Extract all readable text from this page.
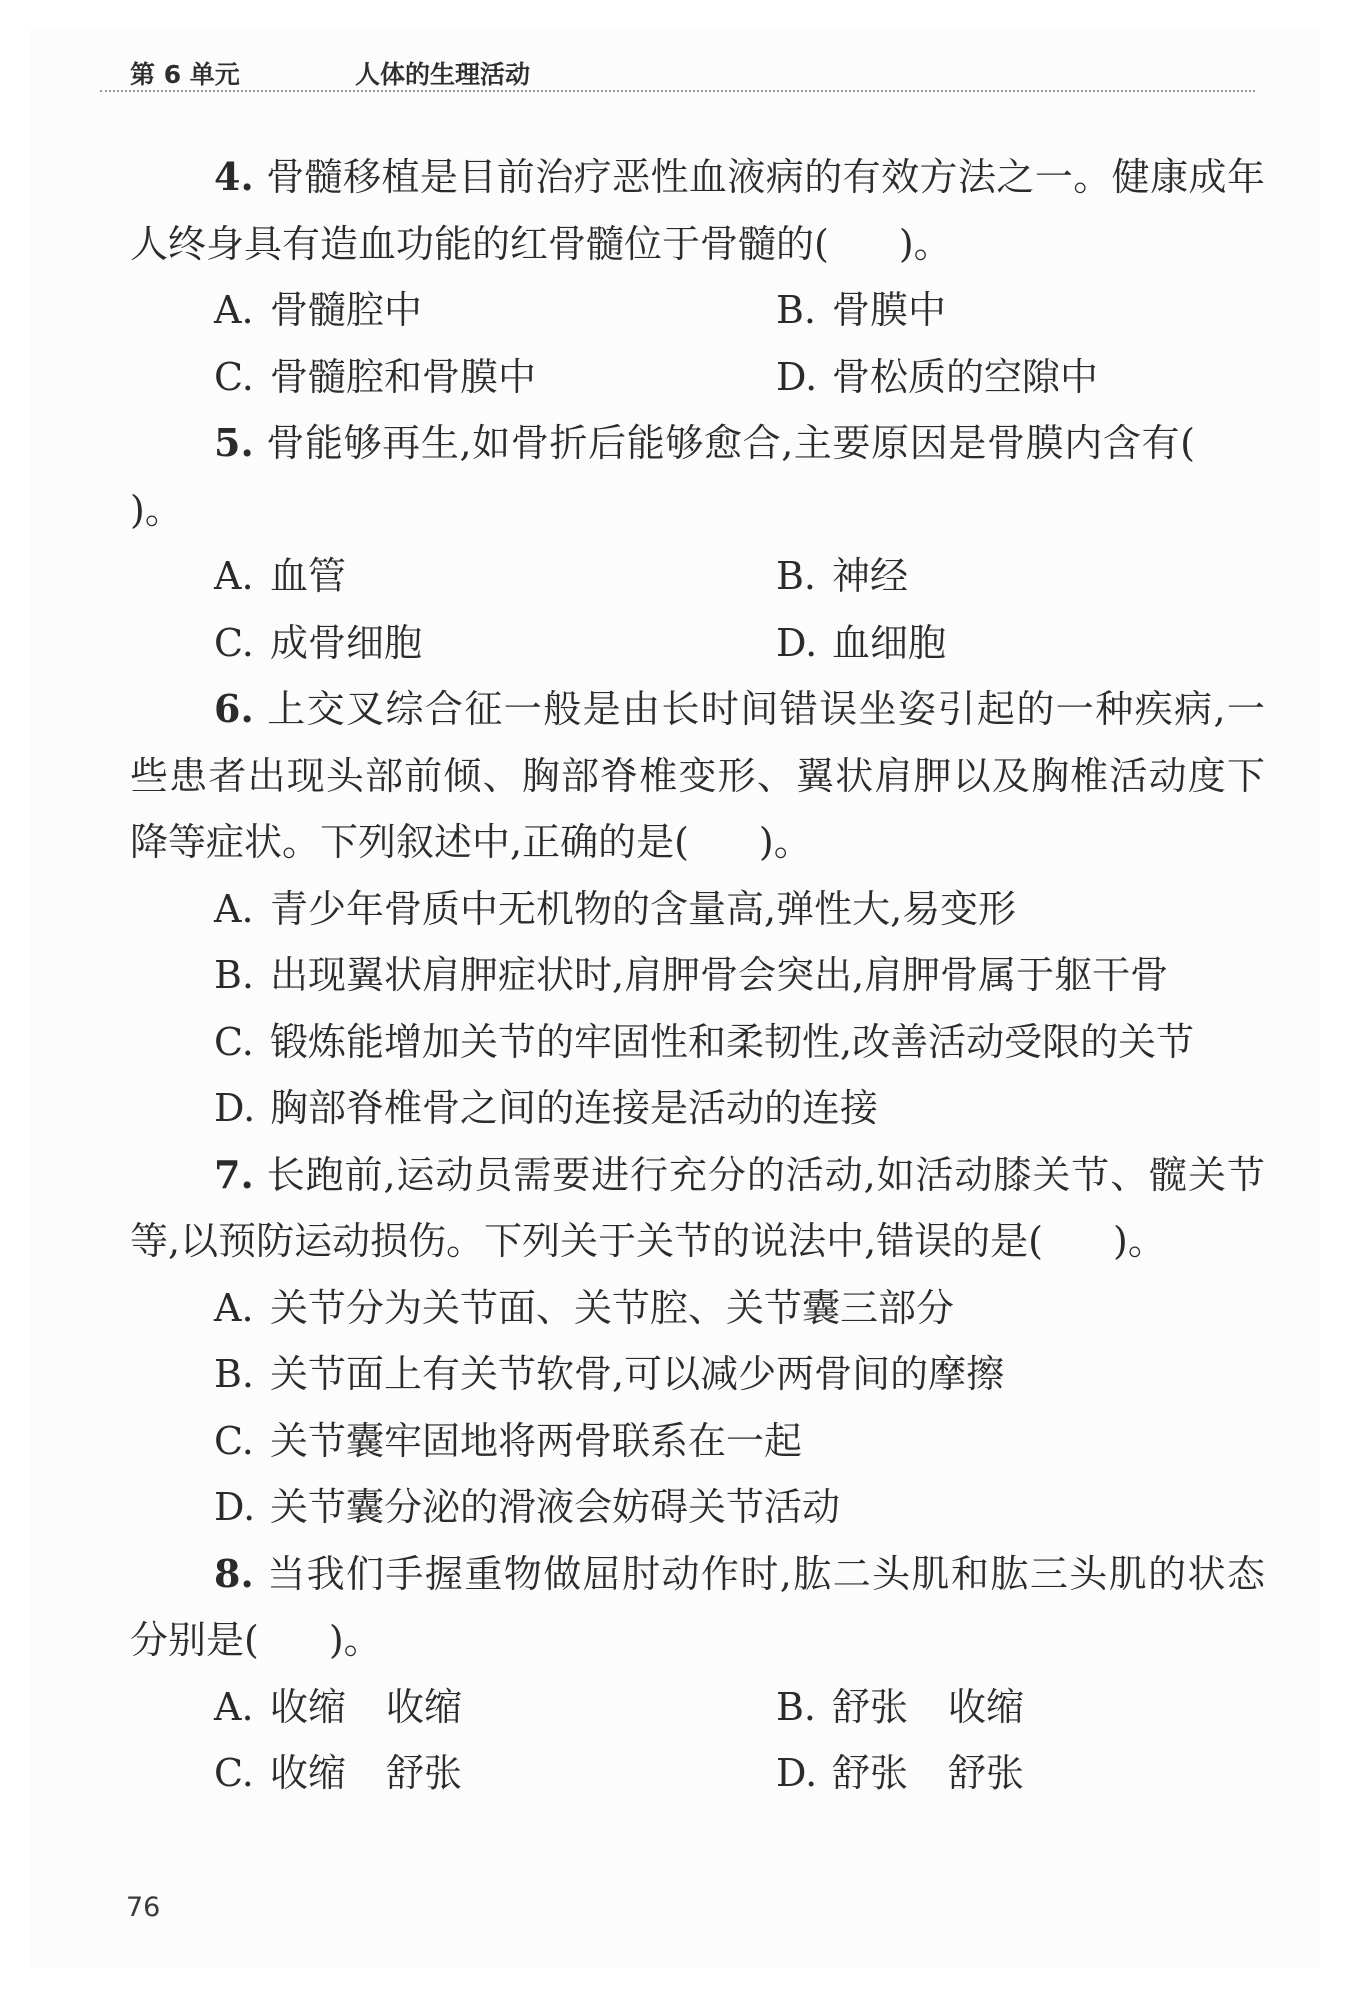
第 6 单元	人体的生理活动
4. 骨髓移植是目前治疗恶性血液病的有效方法之一。健康成年人终身具有造血功能的红骨髓位于骨髓的( )。
A. 骨髓腔中	B. 骨膜中
C. 骨髓腔和骨膜中	D. 骨松质的空隙中
5. 骨能够再生,如骨折后能够愈合,主要原因是骨膜内含有()。
A. 血管	B. 神经
C. 成骨细胞	D. 血细胞
6. 上交叉综合征一般是由长时间错误坐姿引起的一种疾病,一些患者出现头部前倾、胸部脊椎变形、翼状肩胛以及胸椎活动度下降等症状。下列叙述中,正确的是( )。
A. 青少年骨质中无机物的含量高,弹性大,易变形
B. 出现翼状肩胛症状时,肩胛骨会突出,肩胛骨属于躯干骨
C. 锻炼能增加关节的牢固性和柔韧性,改善活动受限的关节
D. 胸部脊椎骨之间的连接是活动的连接
7. 长跑前,运动员需要进行充分的活动,如活动膝关节、髋关节等,以预防运动损伤。下列关于关节的说法中,错误的是( )。
A. 关节分为关节面、关节腔、关节囊三部分
B. 关节面上有关节软骨,可以减少两骨间的摩擦
C. 关节囊牢固地将两骨联系在一起
D. 关节囊分泌的滑液会妨碍关节活动
8. 当我们手握重物做屈肘动作时,肱二头肌和肱三头肌的状态分别是( )。
A. 收缩 收缩	B. 舒张 收缩
C. 收缩 舒张	D. 舒张 舒张
76
